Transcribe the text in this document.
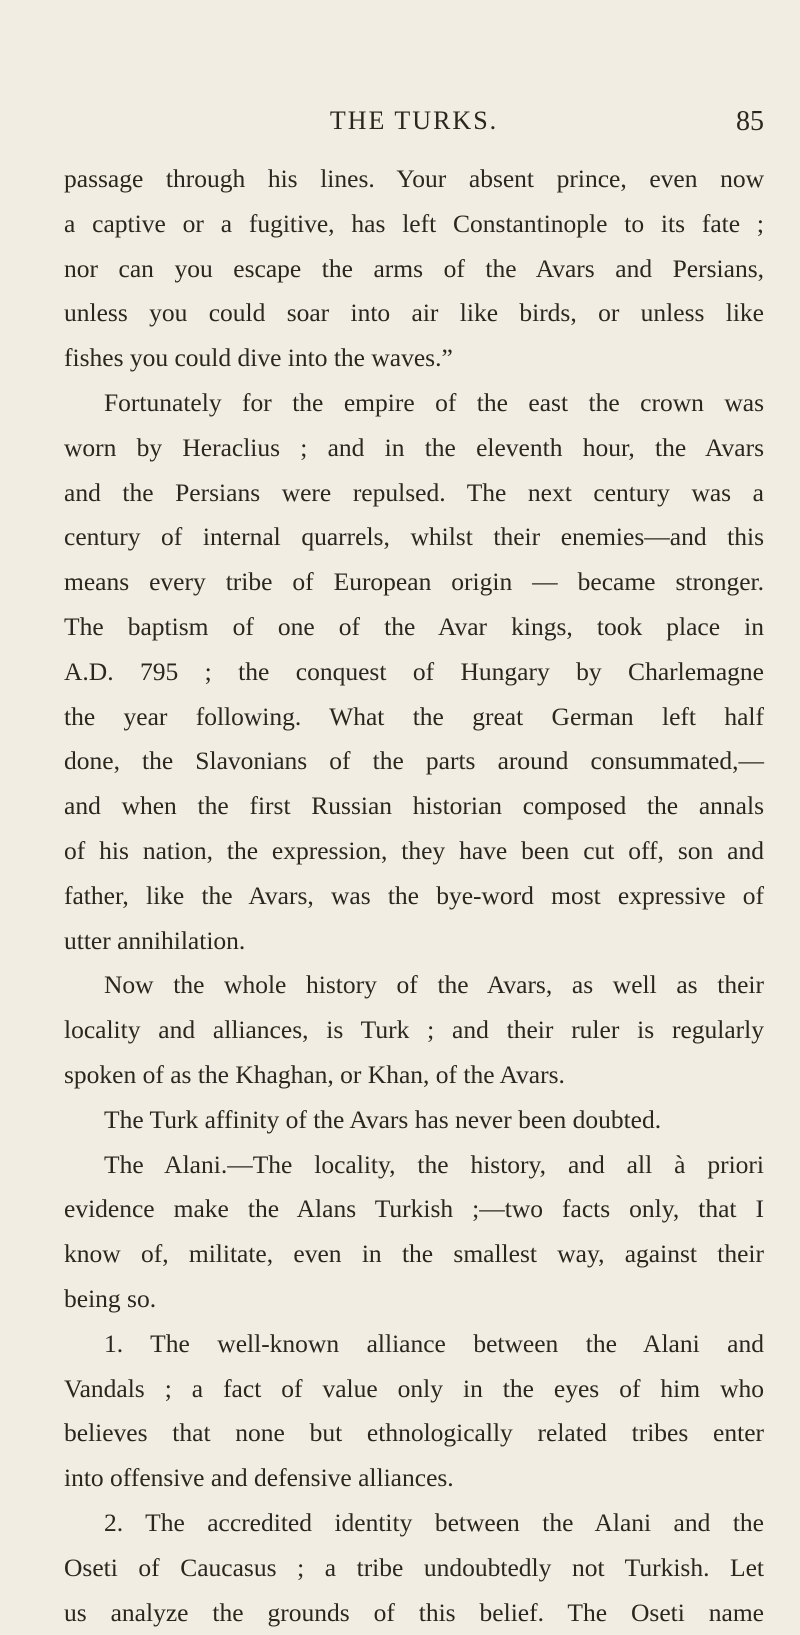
THE TURKS.	85
passage through his lines. Your absent prince, even now
a captive or a fugitive, has left Constantinople to its fate ;
nor can you escape the arms of the Avars and Persians,
unless you could soar into air like birds, or unless like
fishes you could dive into the waves.”
Fortunately for the empire of the east the crown was
worn by Heraclius ; and in the eleventh hour, the Avars
and the Persians were repulsed. The next century was a
century of internal quarrels, whilst their enemies—and this
means every tribe of European origin — became stronger.
The baptism of one of the Avar kings, took place in
A.D. 795 ; the conquest of Hungary by Charlemagne
the year following. What the great German left half
done, the Slavonians of the parts around consummated,—
and when the first Russian historian composed the annals
of his nation, the expression, they have been cut off, son and
father, like the Avars, was the bye-word most expressive of
utter annihilation.
Now the whole history of the Avars, as well as their
locality and alliances, is Turk ; and their ruler is regularly
spoken of as the Khaghan, or Khan, of the Avars.
The Turk affinity of the Avars has never been doubted.
The Alani.—The locality, the history, and all à priori
evidence make the Alans Turkish ;—two facts only, that I
know of, militate, even in the smallest way, against their
being so.
1. The well-known alliance between the Alani and
Vandals ; a fact of value only in the eyes of him who
believes that none but ethnologically related tribes enter
into offensive and defensive alliances.
2. The accredited identity between the Alani and the
Oseti of Caucasus ; a tribe undoubtedly not Turkish. Let
us analyze the grounds of this belief. The Oseti name
